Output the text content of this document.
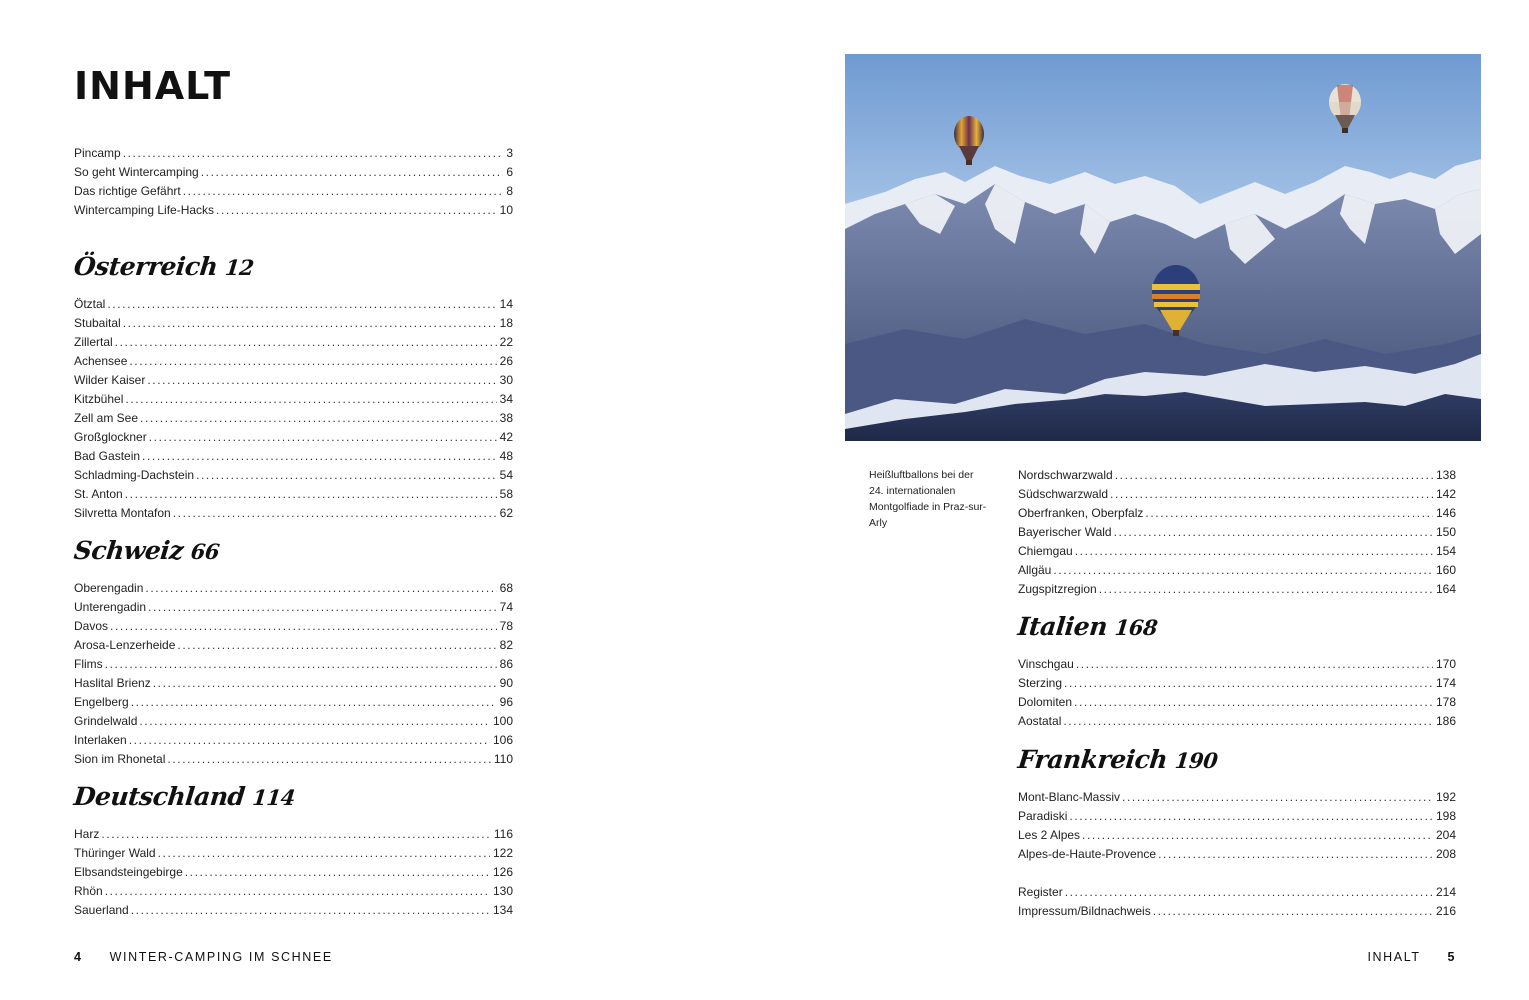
INHALT
Pincamp .....	3
So geht Wintercamping .....	6
Das richtige Gefährt .....	8
Wintercamping Life-Hacks .....	10
Österreich 12
Ötztal .....	14
Stubaital .....	18
Zillertal .....	22
Achensee .....	26
Wilder Kaiser .....	30
Kitzbühel .....	34
Zell am See .....	38
Großglockner .....	42
Bad Gastein .....	48
Schladming-Dachstein .....	54
St. Anton .....	58
Silvretta Montafon .....	62
Schweiz 66
Oberengadin .....	68
Unterengadin .....	74
Davos .....	78
Arosa-Lenzerheide .....	82
Flims .....	86
Haslital Brienz .....	90
Engelberg .....	96
Grindelwald .....	100
Interlaken .....	106
Sion im Rhonetal .....	110
Deutschland 114
Harz .....	116
Thüringer Wald .....	122
Elbsandsteingebirge .....	126
Rhön .....	130
Sauerland .....	134
4 WINTER-CAMPING IM SCHNEE
Heißluftballons bei der 24. internationalen Montgolfiade in Praz-sur-Arly
Nordschwarzwald .....	138
Südschwarzwald .....	142
Oberfranken, Oberpfalz .....	146
Bayerischer Wald .....	150
Chiemgau .....	154
Allgäu .....	160
Zugspitzregion .....	164
Italien 168
Vinschgau .....	170
Sterzing .....	174
Dolomiten .....	178
Aostatal .....	186
Frankreich 190
Mont-Blanc-Massiv .....	192
Paradiski .....	198
Les 2 Alpes .....	204
Alpes-de-Haute-Provence .....	208
Register .....	214
Impressum/Bildnachweis .....	216
INHALT 5
